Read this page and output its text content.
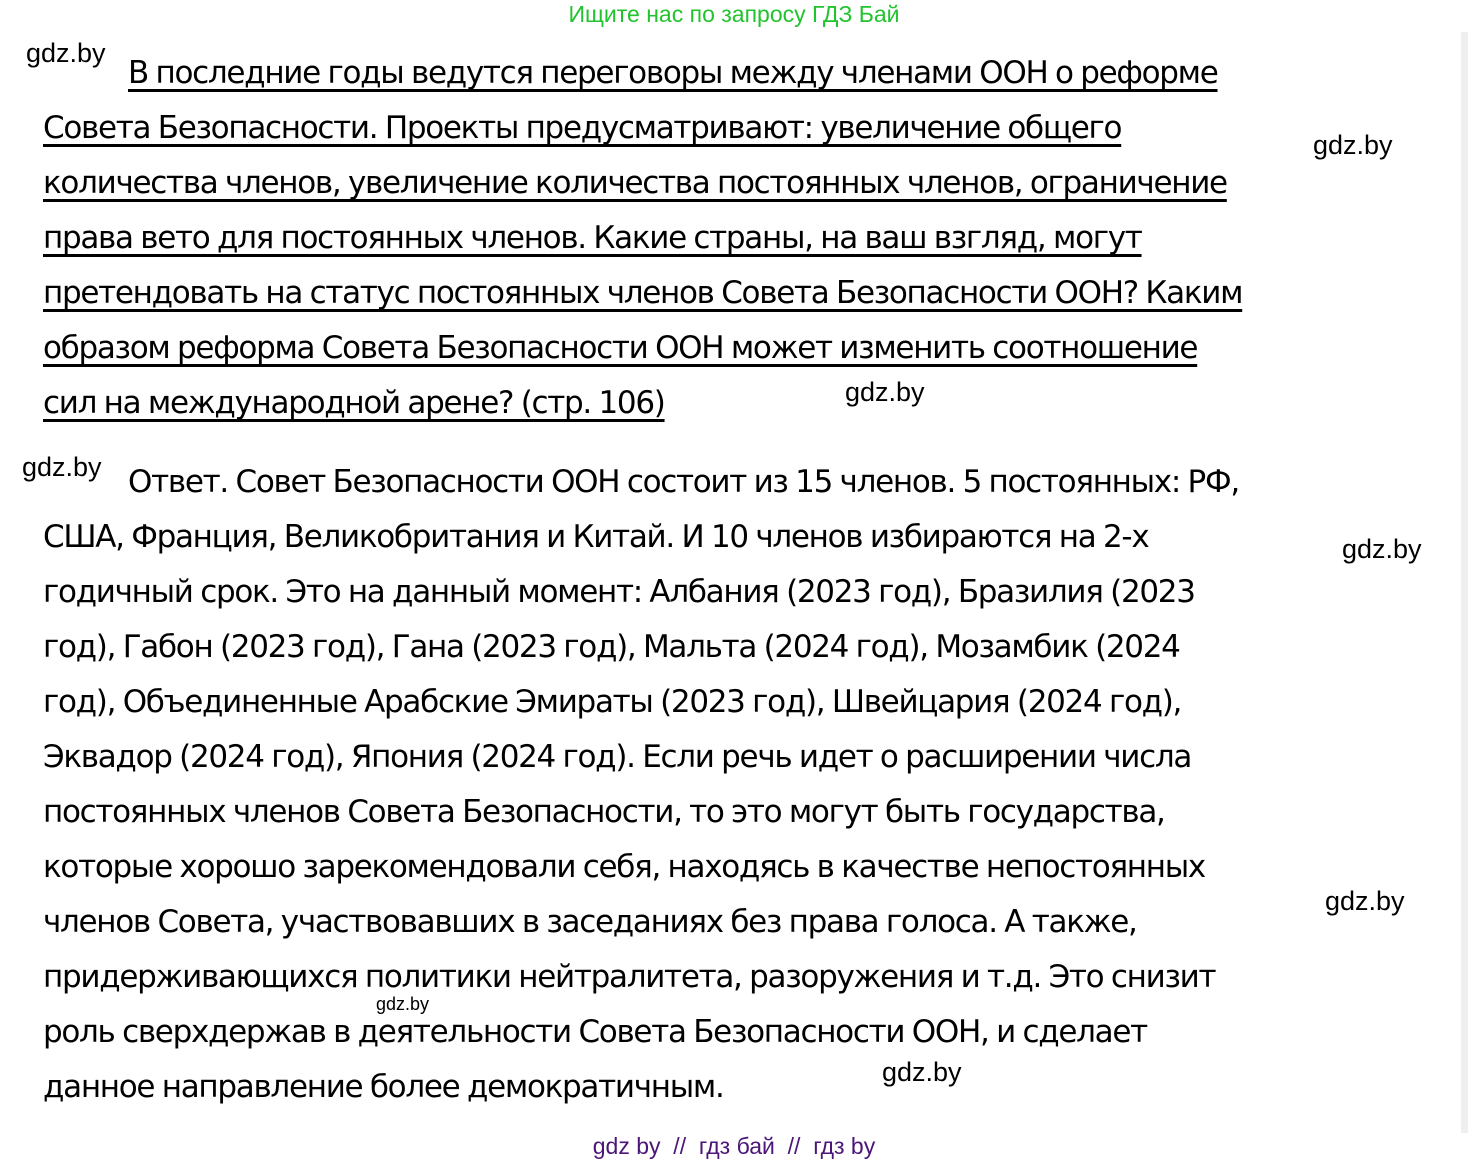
Ищите нас по запросу ГДЗ Бай
В последние годы ведутся переговоры между членами ООН о реформе
Совета Безопасности. Проекты предусматривают: увеличение общего
количества членов, увеличение количества постоянных членов, ограничение
права вето для постоянных членов. Какие страны, на ваш взгляд, могут
претендовать на статус постоянных членов Совета Безопасности ООН? Каким
образом реформа Совета Безопасности ООН может изменить соотношение
сил на международной арене? (стр. 106)
Ответ. Совет Безопасности ООН состоит из 15 членов. 5 постоянных: РФ,
США, Франция, Великобритания и Китай. И 10 членов избираются на 2-х
годичный срок. Это на данный момент: Албания (2023 год), Бразилия (2023
год), Габон (2023 год), Гана (2023 год), Мальта (2024 год), Мозамбик (2024
год), Объединенные Арабские Эмираты (2023 год), Швейцария (2024 год),
Эквадор (2024 год), Япония (2024 год). Если речь идет о расширении числа
постоянных членов Совета Безопасности, то это могут быть государства,
которые хорошо зарекомендовали себя, находясь в качестве непостоянных
членов Совета, участвовавших в заседаниях без права голоса. А также,
придерживающихся политики нейтралитета, разоружения и т.д. Это снизит
роль сверхдержав в деятельности Совета Безопасности ООН, и сделает
данное направление более демократичным.
gdz.by
gdz.by
gdz.by
gdz.by
gdz.by
gdz.by
gdz.by
gdz.by
gdz by  //  гдз бай  //  гдз by
